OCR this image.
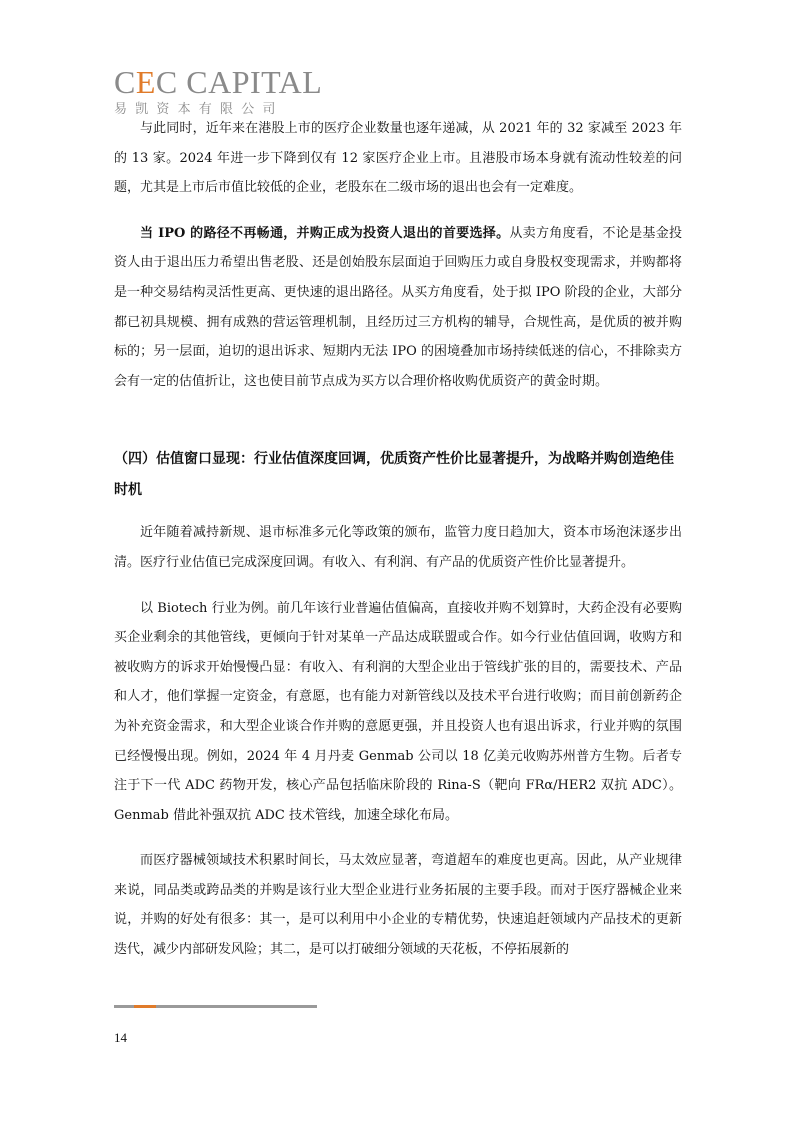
CEC CAPITAL
易凯资本有限公司

与此同时，近年来在港股上市的医疗企业数量也逐年递减，从 2021 年的 32 家减至 2023 年的 13 家。2024 年进一步下降到仅有 12 家医疗企业上市。且港股市场本身就有流动性较差的问题，尤其是上市后市值比较低的企业，老股东在二级市场的退出也会有一定难度。

当 IPO 的路径不再畅通，并购正成为投资人退出的首要选择。从卖方角度看，不论是基金投资人由于退出压力希望出售老股、还是创始股东层面迫于回购压力或自身股权变现需求，并购都将是一种交易结构灵活性更高、更快速的退出路径。从买方角度看，处于拟 IPO 阶段的企业，大部分都已初具规模、拥有成熟的营运管理机制，且经历过三方机构的辅导，合规性高，是优质的被并购标的；另一层面，迫切的退出诉求、短期内无法 IPO 的困境叠加市场持续低迷的信心，不排除卖方会有一定的估值折让，这也使目前节点成为买方以合理价格收购优质资产的黄金时期。

（四）估值窗口显现：行业估值深度回调，优质资产性价比显著提升，为战略并购创造绝佳时机

近年随着减持新规、退市标准多元化等政策的颁布，监管力度日趋加大，资本市场泡沫逐步出清。医疗行业估值已完成深度回调。有收入、有利润、有产品的优质资产性价比显著提升。

以 Biotech 行业为例。前几年该行业普遍估值偏高，直接收并购不划算时，大药企没有必要购买企业剩余的其他管线，更倾向于针对某单一产品达成联盟或合作。如今行业估值回调，收购方和被收购方的诉求开始慢慢凸显：有收入、有利润的大型企业出于管线扩张的目的，需要技术、产品和人才，他们掌握一定资金，有意愿，也有能力对新管线以及技术平台进行收购；而目前创新药企为补充资金需求，和大型企业谈合作并购的意愿更强，并且投资人也有退出诉求，行业并购的氛围已经慢慢出现。例如，2024 年 4 月丹麦 Genmab 公司以 18 亿美元收购苏州普方生物。后者专注于下一代 ADC 药物开发，核心产品包括临床阶段的 Rina-S（靶向 FRα/HER2 双抗 ADC）。Genmab 借此补强双抗 ADC 技术管线，加速全球化布局。

而医疗器械领域技术积累时间长，马太效应显著，弯道超车的难度也更高。因此，从产业规律来说，同品类或跨品类的并购是该行业大型企业进行业务拓展的主要手段。而对于医疗器械企业来说，并购的好处有很多：其一，是可以利用中小企业的专精优势，快速追赶领域内产品技术的更新迭代，减少内部研发风险；其二，是可以打破细分领域的天花板，不停拓展新的

14
